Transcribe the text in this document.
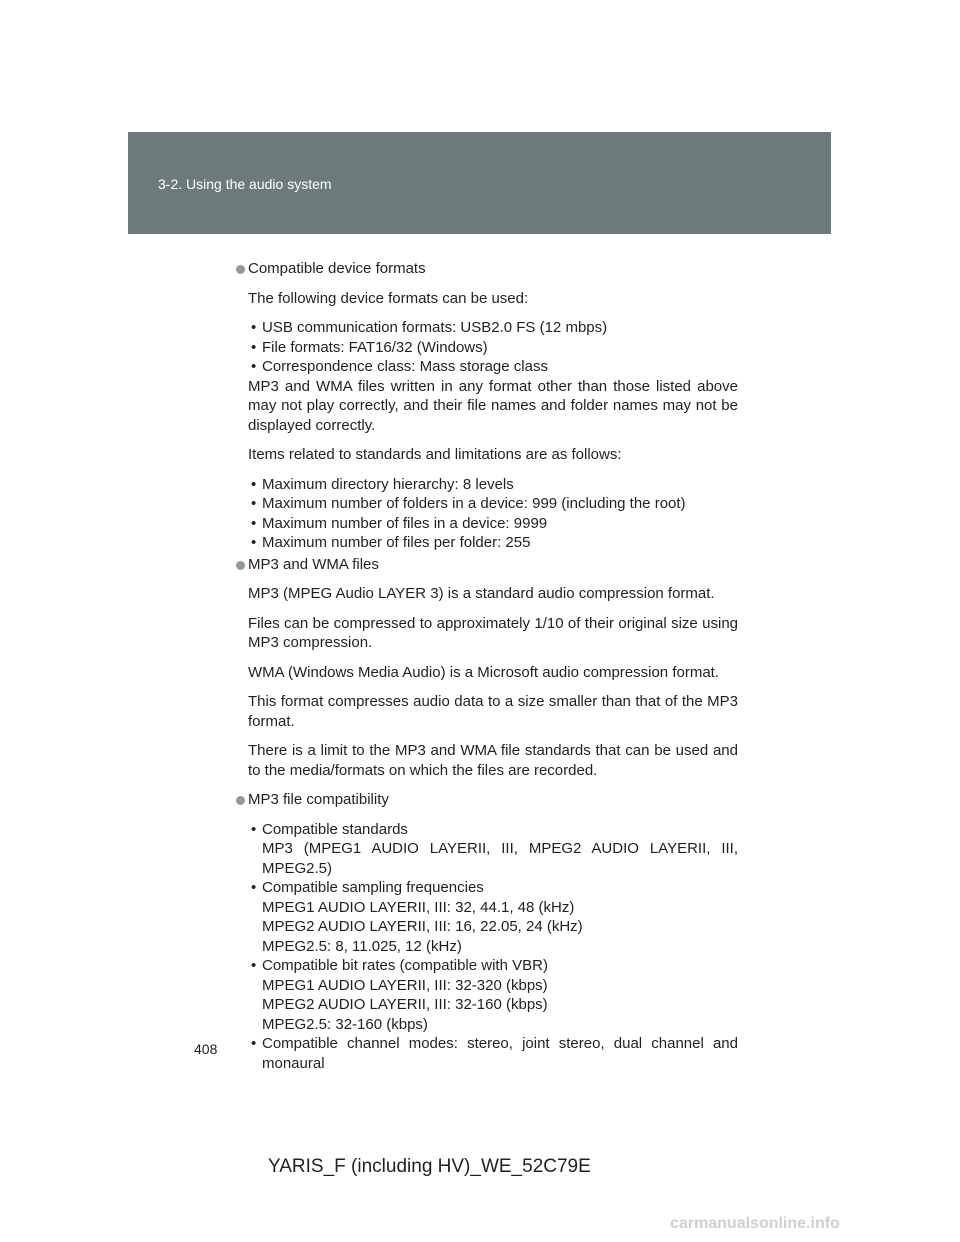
3-2. Using the audio system

Compatible device formats

The following device formats can be used:

• USB communication formats: USB2.0 FS (12 mbps)
• File formats: FAT16/32 (Windows)
• Correspondence class: Mass storage class

MP3 and WMA files written in any format other than those listed above may not play correctly, and their file names and folder names may not be displayed correctly.

Items related to standards and limitations are as follows:

• Maximum directory hierarchy: 8 levels
• Maximum number of folders in a device: 999 (including the root)
• Maximum number of files in a device: 9999
• Maximum number of files per folder: 255

MP3 and WMA files

MP3 (MPEG Audio LAYER 3) is a standard audio compression format.

Files can be compressed to approximately 1/10 of their original size using MP3 compression.

WMA (Windows Media Audio) is a Microsoft audio compression format.

This format compresses audio data to a size smaller than that of the MP3 format.

There is a limit to the MP3 and WMA file standards that can be used and to the media/formats on which the files are recorded.

MP3 file compatibility

• Compatible standards
MP3 (MPEG1 AUDIO LAYERII, III, MPEG2 AUDIO LAYERII, III, MPEG2.5)
• Compatible sampling frequencies
MPEG1 AUDIO LAYERII, III: 32, 44.1, 48 (kHz)
MPEG2 AUDIO LAYERII, III: 16, 22.05, 24 (kHz)
MPEG2.5: 8, 11.025, 12 (kHz)
• Compatible bit rates (compatible with VBR)
MPEG1 AUDIO LAYERII, III: 32-320 (kbps)
MPEG2 AUDIO LAYERII, III: 32-160 (kbps)
MPEG2.5: 32-160 (kbps)
• Compatible channel modes: stereo, joint stereo, dual channel and monaural
408
YARIS_F (including HV)_WE_52C79E
carmanualsonline.info
